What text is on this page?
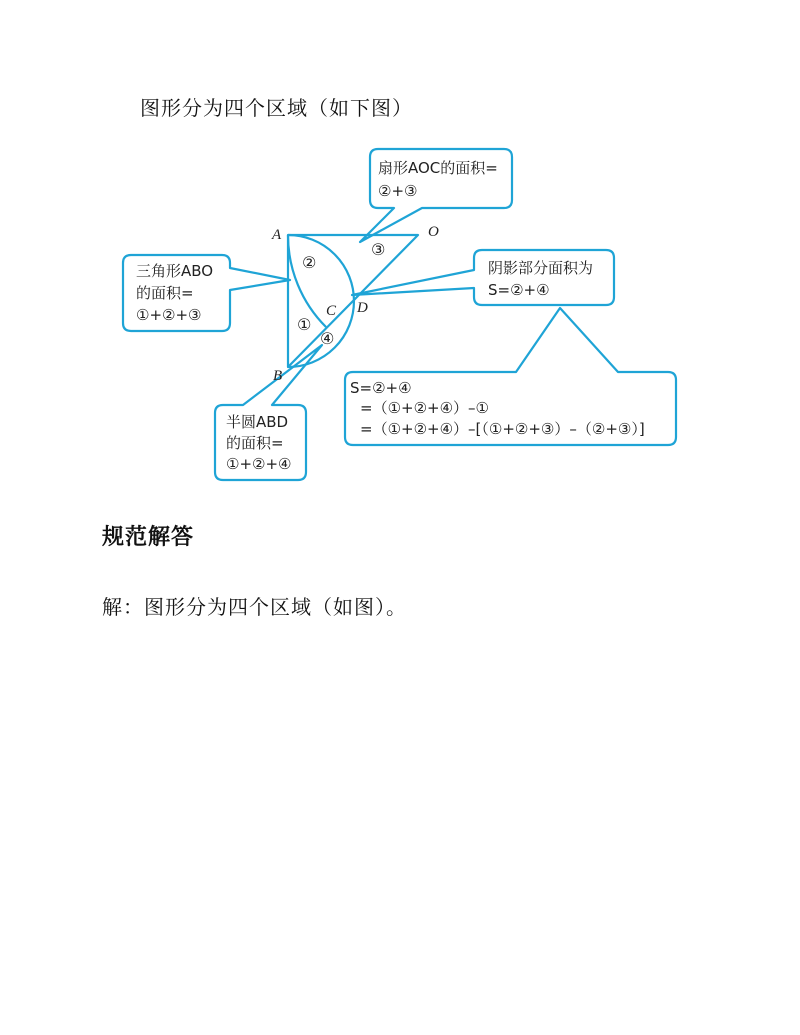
图形分为四个区域（如下图）
扇形AOC的面积=
②+③
三角形ABO
的面积=
①+②+③
阴影部分面积为
S=②+④
半圆ABD
的面积=
①+②+④
S=②+④
=（①+②+④）–①
=（①+②+④）–[（①+②+③）–（②+③）]
A
B
C D
O
①
②
③
④
规范解答
解：图形分为四个区域（如图）。
